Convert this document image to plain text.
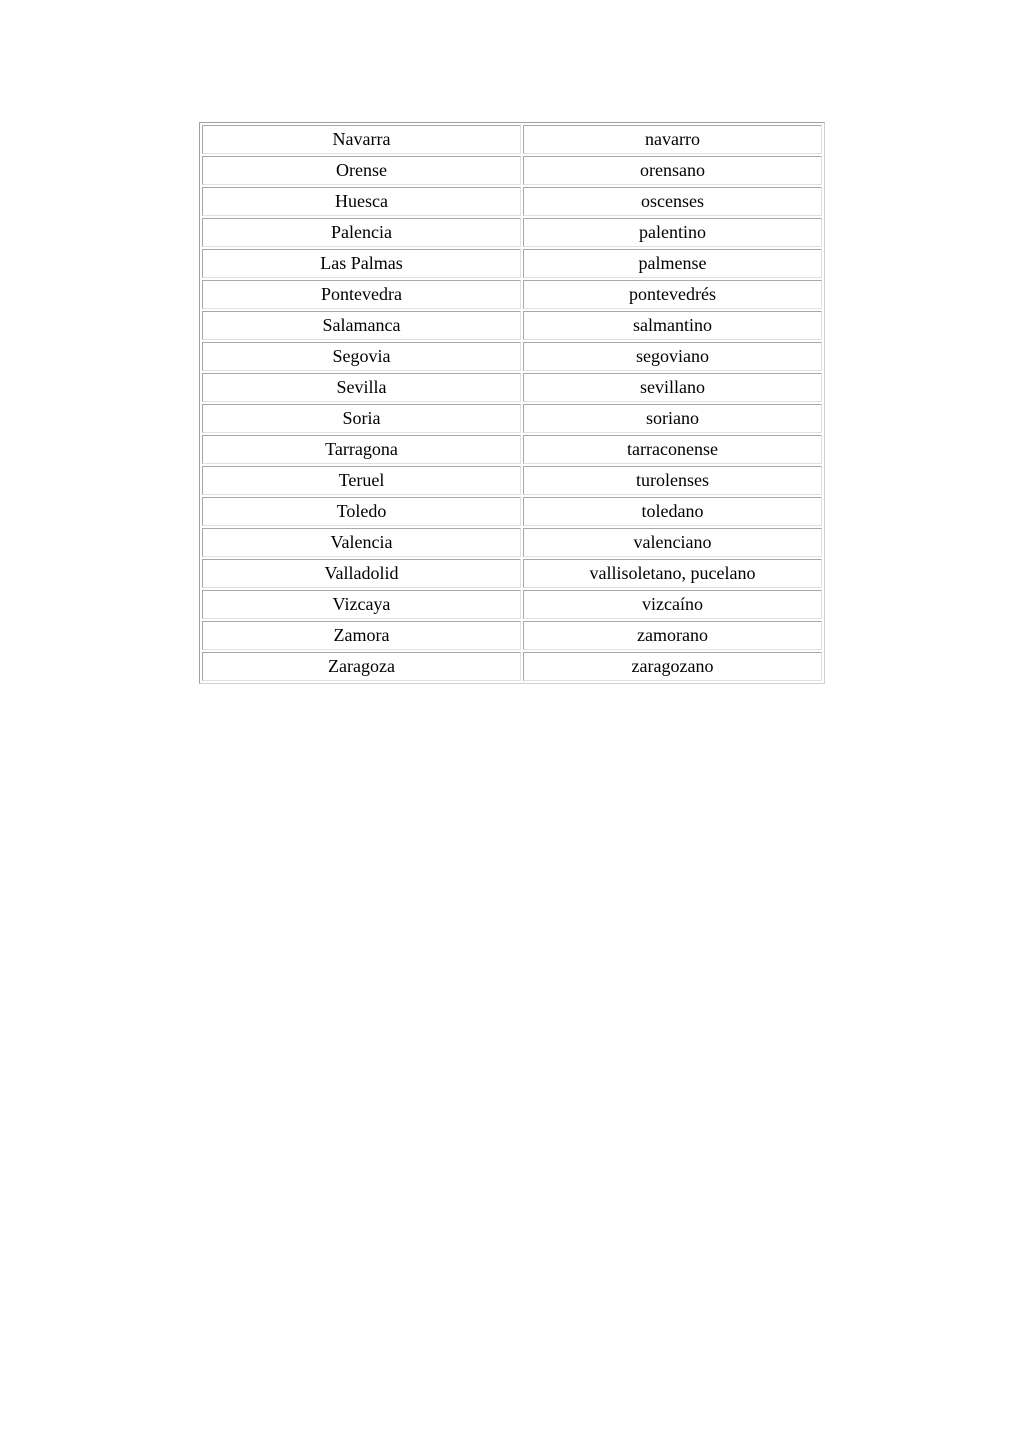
Navarra	navarro
Orense	orensano
Huesca	oscenses
Palencia	palentino
Las Palmas	palmense
Pontevedra	pontevedrés
Salamanca	salmantino
Segovia	segoviano
Sevilla	sevillano
Soria	soriano
Tarragona	tarraconense
Teruel	turolenses
Toledo	toledano
Valencia	valenciano
Valladolid	vallisoletano, pucelano
Vizcaya	vizcaíno
Zamora	zamorano
Zaragoza	zaragozano
